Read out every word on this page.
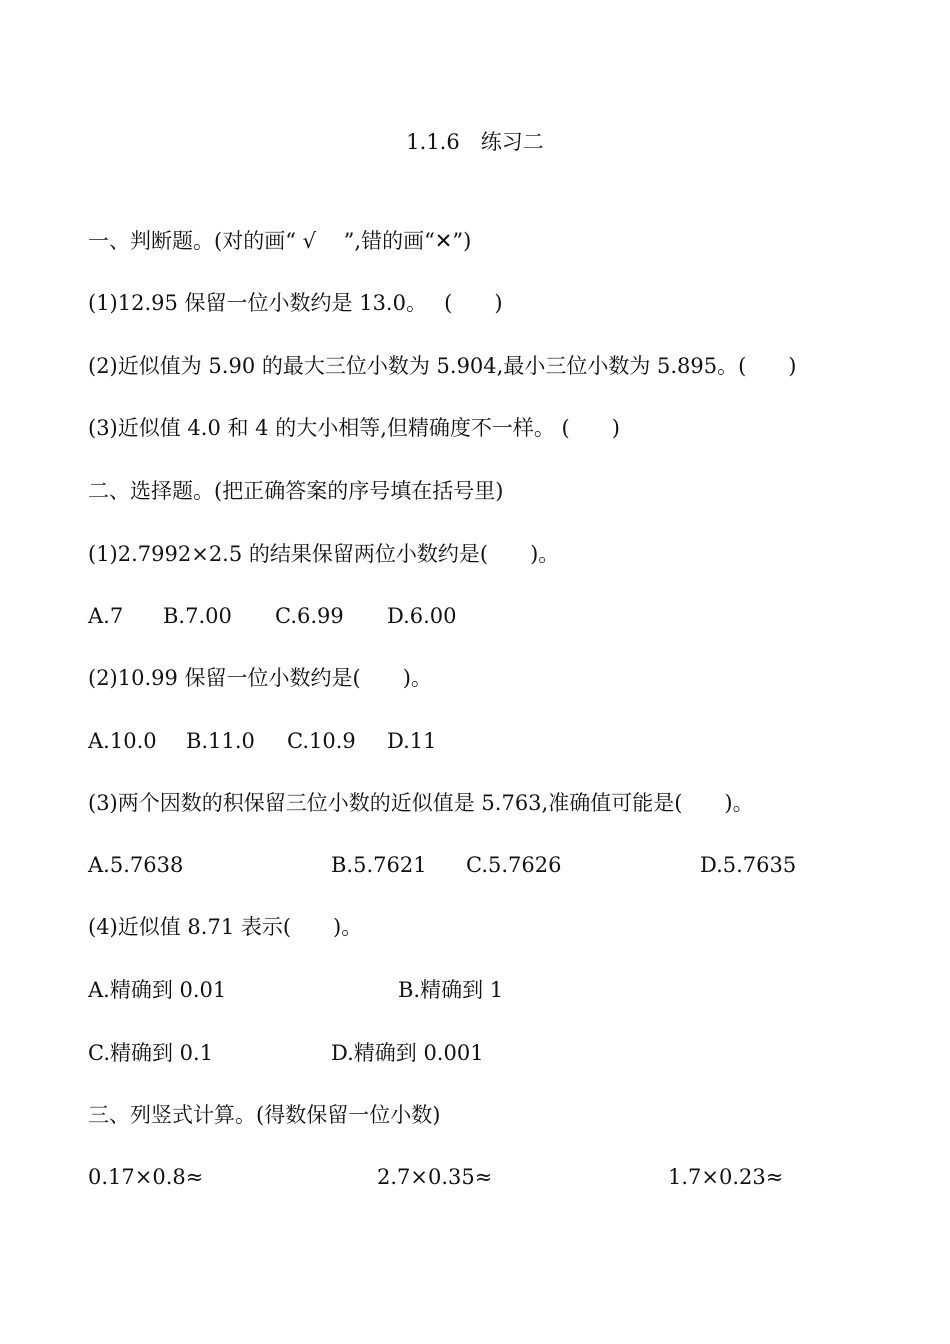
1.1.6　练习二
一、判断题。(对的画“ √　 ”,错的画“✕”)
(1)12.95 保留一位小数约是 13.0。　 (　　)
(2)近似值为 5.90 的最大三位小数为 5.904,最小三位小数为 5.895。(　　)
(3)近似值 4.0 和 4 的大小相等,但精确度不一样。 (　　)
二、选择题。(把正确答案的序号填在括号里)
(1)2.7992×2.5 的结果保留两位小数约是(　　)。
A.7 B.7.00 C.6.99 D.6.00
(2)10.99 保留一位小数约是(　　)。
A.10.0 B.11.0 C.10.9 D.11
(3)两个因数的积保留三位小数的近似值是 5.763,准确值可能是(　　)。
A.5.7638	B.5.7621 C.5.7626	D.5.7635
(4)近似值 8.71 表示(　　)。
A.精确到 0.01	B.精确到 1
C.精确到 0.1	D.精确到 0.001
三、列竖式计算。(得数保留一位小数)
0.17×0.8≈	2.7×0.35≈	1.7×0.23≈
